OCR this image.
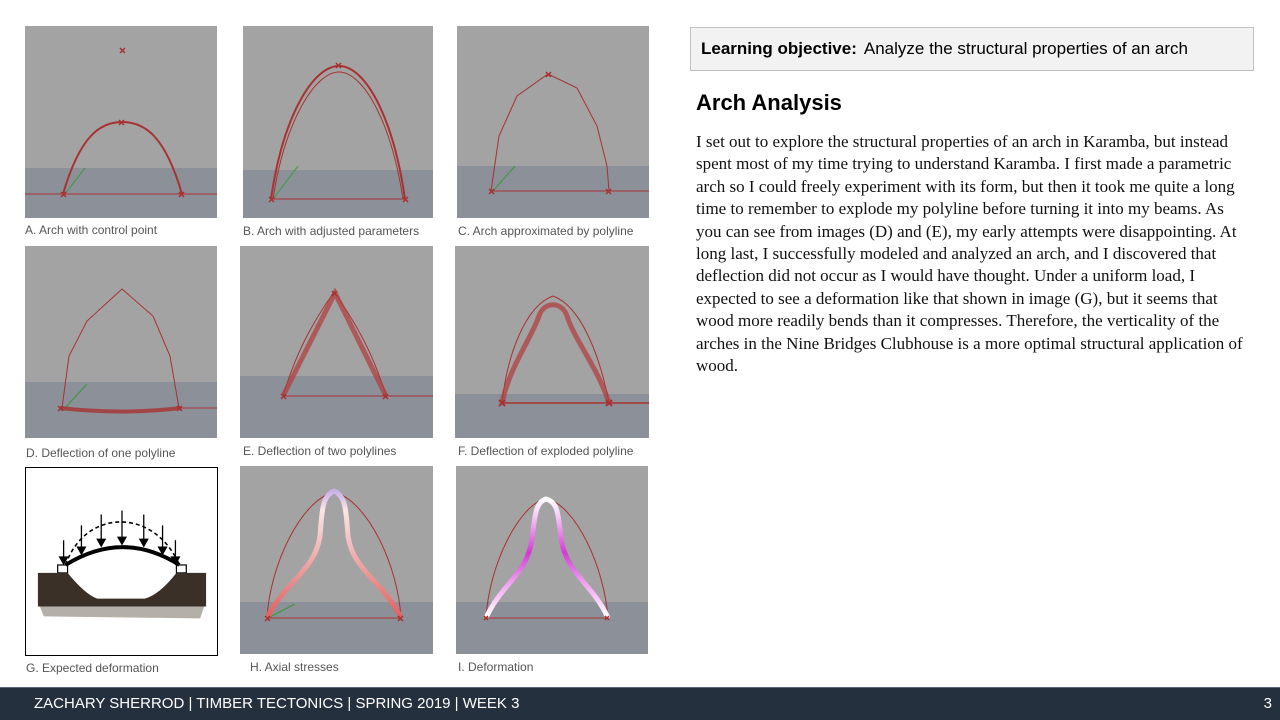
A. Arch with control point	B. Arch with adjusted parameters	C. Arch approximated by polyline
D. Deflection of one polyline	E. Deflection of two polylines	F. Deflection of exploded polyline
G. Expected deformation	H. Axial stresses	I. Deformation
Learning objective: Analyze the structural properties of an arch
Arch Analysis
I set out to explore the structural properties of an arch in Karamba, but instead spent most of my time trying to understand Karamba. I first made a parametric arch so I could freely experiment with its form, but then it took me quite a long time to remember to explode my polyline before turning it into my beams. As you can see from images (D) and (E), my early attempts were disappointing. At long last, I successfully modeled and analyzed an arch, and I discovered that deflection did not occur as I would have thought. Under a uniform load, I expected to see a deformation like that shown in image (G), but it seems that wood more readily bends than it compresses. Therefore, the verticality of the arches in the Nine Bridges Clubhouse is a more optimal structural application of wood.
ZACHARY SHERROD | TIMBER TECTONICS | SPRING 2019 | WEEK 3	3
